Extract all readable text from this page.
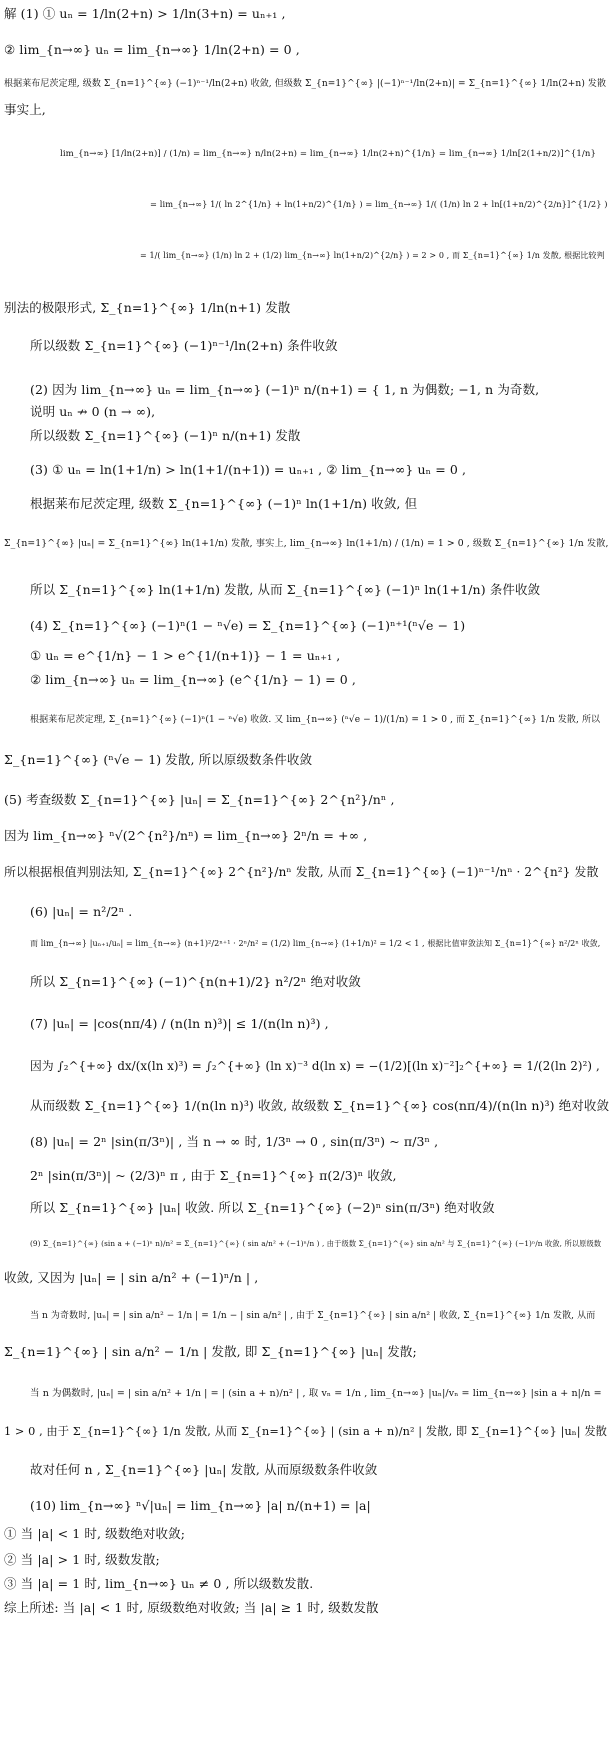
解 (1) ① uₙ = 1/ln(2+n) > 1/ln(3+n) = uₙ₊₁ ,
② lim_{n→∞} uₙ = lim_{n→∞} 1/ln(2+n) = 0 ,
根据莱布尼茨定理, 级数 Σ_{n=1}^{∞} (−1)ⁿ⁻¹/ln(2+n) 收敛, 但级数 Σ_{n=1}^{∞} |(−1)ⁿ⁻¹/ln(2+n)| = Σ_{n=1}^{∞} 1/ln(2+n) 发散
事实上,
lim_{n→∞} [1/ln(2+n)] / (1/n) = lim_{n→∞} n/ln(2+n) = lim_{n→∞} 1/ln(2+n)^{1/n} = lim_{n→∞} 1/ln[2(1+n/2)]^{1/n}
= lim_{n→∞} 1/( ln 2^{1/n} + ln(1+n/2)^{1/n} ) = lim_{n→∞} 1/( (1/n) ln 2 + ln[(1+n/2)^{2/n}]^{1/2} )
= 1/( lim_{n→∞} (1/n) ln 2 + (1/2) lim_{n→∞} ln(1+n/2)^{2/n} ) = 2 > 0 , 而 Σ_{n=1}^{∞} 1/n 发散, 根据比较判
别法的极限形式, Σ_{n=1}^{∞} 1/ln(n+1) 发散
所以级数 Σ_{n=1}^{∞} (−1)ⁿ⁻¹/ln(2+n) 条件收敛
(2) 因为 lim_{n→∞} uₙ = lim_{n→∞} (−1)ⁿ n/(n+1) = { 1, n 为偶数; −1, n 为奇数,
说明 uₙ ↛ 0 (n → ∞),
所以级数 Σ_{n=1}^{∞} (−1)ⁿ n/(n+1) 发散
(3) ① uₙ = ln(1+1/n) > ln(1+1/(n+1)) = uₙ₊₁ , ② lim_{n→∞} uₙ = 0 ,
根据莱布尼茨定理, 级数 Σ_{n=1}^{∞} (−1)ⁿ ln(1+1/n) 收敛, 但
Σ_{n=1}^{∞} |uₙ| = Σ_{n=1}^{∞} ln(1+1/n) 发散, 事实上, lim_{n→∞} ln(1+1/n) / (1/n) = 1 > 0 , 级数 Σ_{n=1}^{∞} 1/n 发散,
所以 Σ_{n=1}^{∞} ln(1+1/n) 发散, 从而 Σ_{n=1}^{∞} (−1)ⁿ ln(1+1/n) 条件收敛
(4) Σ_{n=1}^{∞} (−1)ⁿ(1 − ⁿ√e) = Σ_{n=1}^{∞} (−1)ⁿ⁺¹(ⁿ√e − 1)
① uₙ = e^{1/n} − 1 > e^{1/(n+1)} − 1 = uₙ₊₁ ,
② lim_{n→∞} uₙ = lim_{n→∞} (e^{1/n} − 1) = 0 ,
根据莱布尼茨定理, Σ_{n=1}^{∞} (−1)ⁿ(1 − ⁿ√e) 收敛. 又 lim_{n→∞} (ⁿ√e − 1)/(1/n) = 1 > 0 , 而 Σ_{n=1}^{∞} 1/n 发散, 所以
Σ_{n=1}^{∞} (ⁿ√e − 1) 发散, 所以原级数条件收敛
(5) 考查级数 Σ_{n=1}^{∞} |uₙ| = Σ_{n=1}^{∞} 2^{n²}/nⁿ ,
因为 lim_{n→∞} ⁿ√(2^{n²}/nⁿ) = lim_{n→∞} 2ⁿ/n = +∞ ,
所以根据根值判别法知, Σ_{n=1}^{∞} 2^{n²}/nⁿ 发散, 从而 Σ_{n=1}^{∞} (−1)ⁿ⁻¹/nⁿ · 2^{n²} 发散
(6) |uₙ| = n²/2ⁿ .
而 lim_{n→∞} |uₙ₊₁/uₙ| = lim_{n→∞} (n+1)²/2ⁿ⁺¹ · 2ⁿ/n² = (1/2) lim_{n→∞} (1+1/n)² = 1/2 < 1 , 根据比值审敛法知 Σ_{n=1}^{∞} n²/2ⁿ 收敛,
所以 Σ_{n=1}^{∞} (−1)^{n(n+1)/2} n²/2ⁿ 绝对收敛
(7) |uₙ| = |cos(nπ/4) / (n(ln n)³)| ≤ 1/(n(ln n)³) ,
因为 ∫₂^{+∞} dx/(x(ln x)³) = ∫₂^{+∞} (ln x)⁻³ d(ln x) = −(1/2)[(ln x)⁻²]₂^{+∞} = 1/(2(ln 2)²) ,
从而级数 Σ_{n=1}^{∞} 1/(n(ln n)³) 收敛, 故级数 Σ_{n=1}^{∞} cos(nπ/4)/(n(ln n)³) 绝对收敛
(8) |uₙ| = 2ⁿ |sin(π/3ⁿ)| , 当 n → ∞ 时, 1/3ⁿ → 0 , sin(π/3ⁿ) ~ π/3ⁿ ,
2ⁿ |sin(π/3ⁿ)| ~ (2/3)ⁿ π , 由于 Σ_{n=1}^{∞} π(2/3)ⁿ 收敛,
所以 Σ_{n=1}^{∞} |uₙ| 收敛. 所以 Σ_{n=1}^{∞} (−2)ⁿ sin(π/3ⁿ) 绝对收敛
(9) Σ_{n=1}^{∞} (sin a + (−1)ⁿ n)/n² = Σ_{n=1}^{∞} ( sin a/n² + (−1)ⁿ/n ) , 由于级数 Σ_{n=1}^{∞} sin a/n² 与 Σ_{n=1}^{∞} (−1)ⁿ/n 收敛, 所以原级数
收敛, 又因为 |uₙ| = | sin a/n² + (−1)ⁿ/n | ,
当 n 为奇数时, |uₙ| = | sin a/n² − 1/n | = 1/n − | sin a/n² | , 由于 Σ_{n=1}^{∞} | sin a/n² | 收敛, Σ_{n=1}^{∞} 1/n 发散, 从而
Σ_{n=1}^{∞} | sin a/n² − 1/n | 发散, 即 Σ_{n=1}^{∞} |uₙ| 发散;
当 n 为偶数时, |uₙ| = | sin a/n² + 1/n | = | (sin a + n)/n² | , 取 vₙ = 1/n , lim_{n→∞} |uₙ|/vₙ = lim_{n→∞} |sin a + n|/n =
1 > 0 , 由于 Σ_{n=1}^{∞} 1/n 发散, 从而 Σ_{n=1}^{∞} | (sin a + n)/n² | 发散, 即 Σ_{n=1}^{∞} |uₙ| 发散
故对任何 n , Σ_{n=1}^{∞} |uₙ| 发散, 从而原级数条件收敛
(10) lim_{n→∞} ⁿ√|uₙ| = lim_{n→∞} |a| n/(n+1) = |a|
① 当 |a| < 1 时, 级数绝对收敛;
② 当 |a| > 1 时, 级数发散;
③ 当 |a| = 1 时, lim_{n→∞} uₙ ≠ 0 , 所以级数发散.
综上所述: 当 |a| < 1 时, 原级数绝对收敛; 当 |a| ≥ 1 时, 级数发散
